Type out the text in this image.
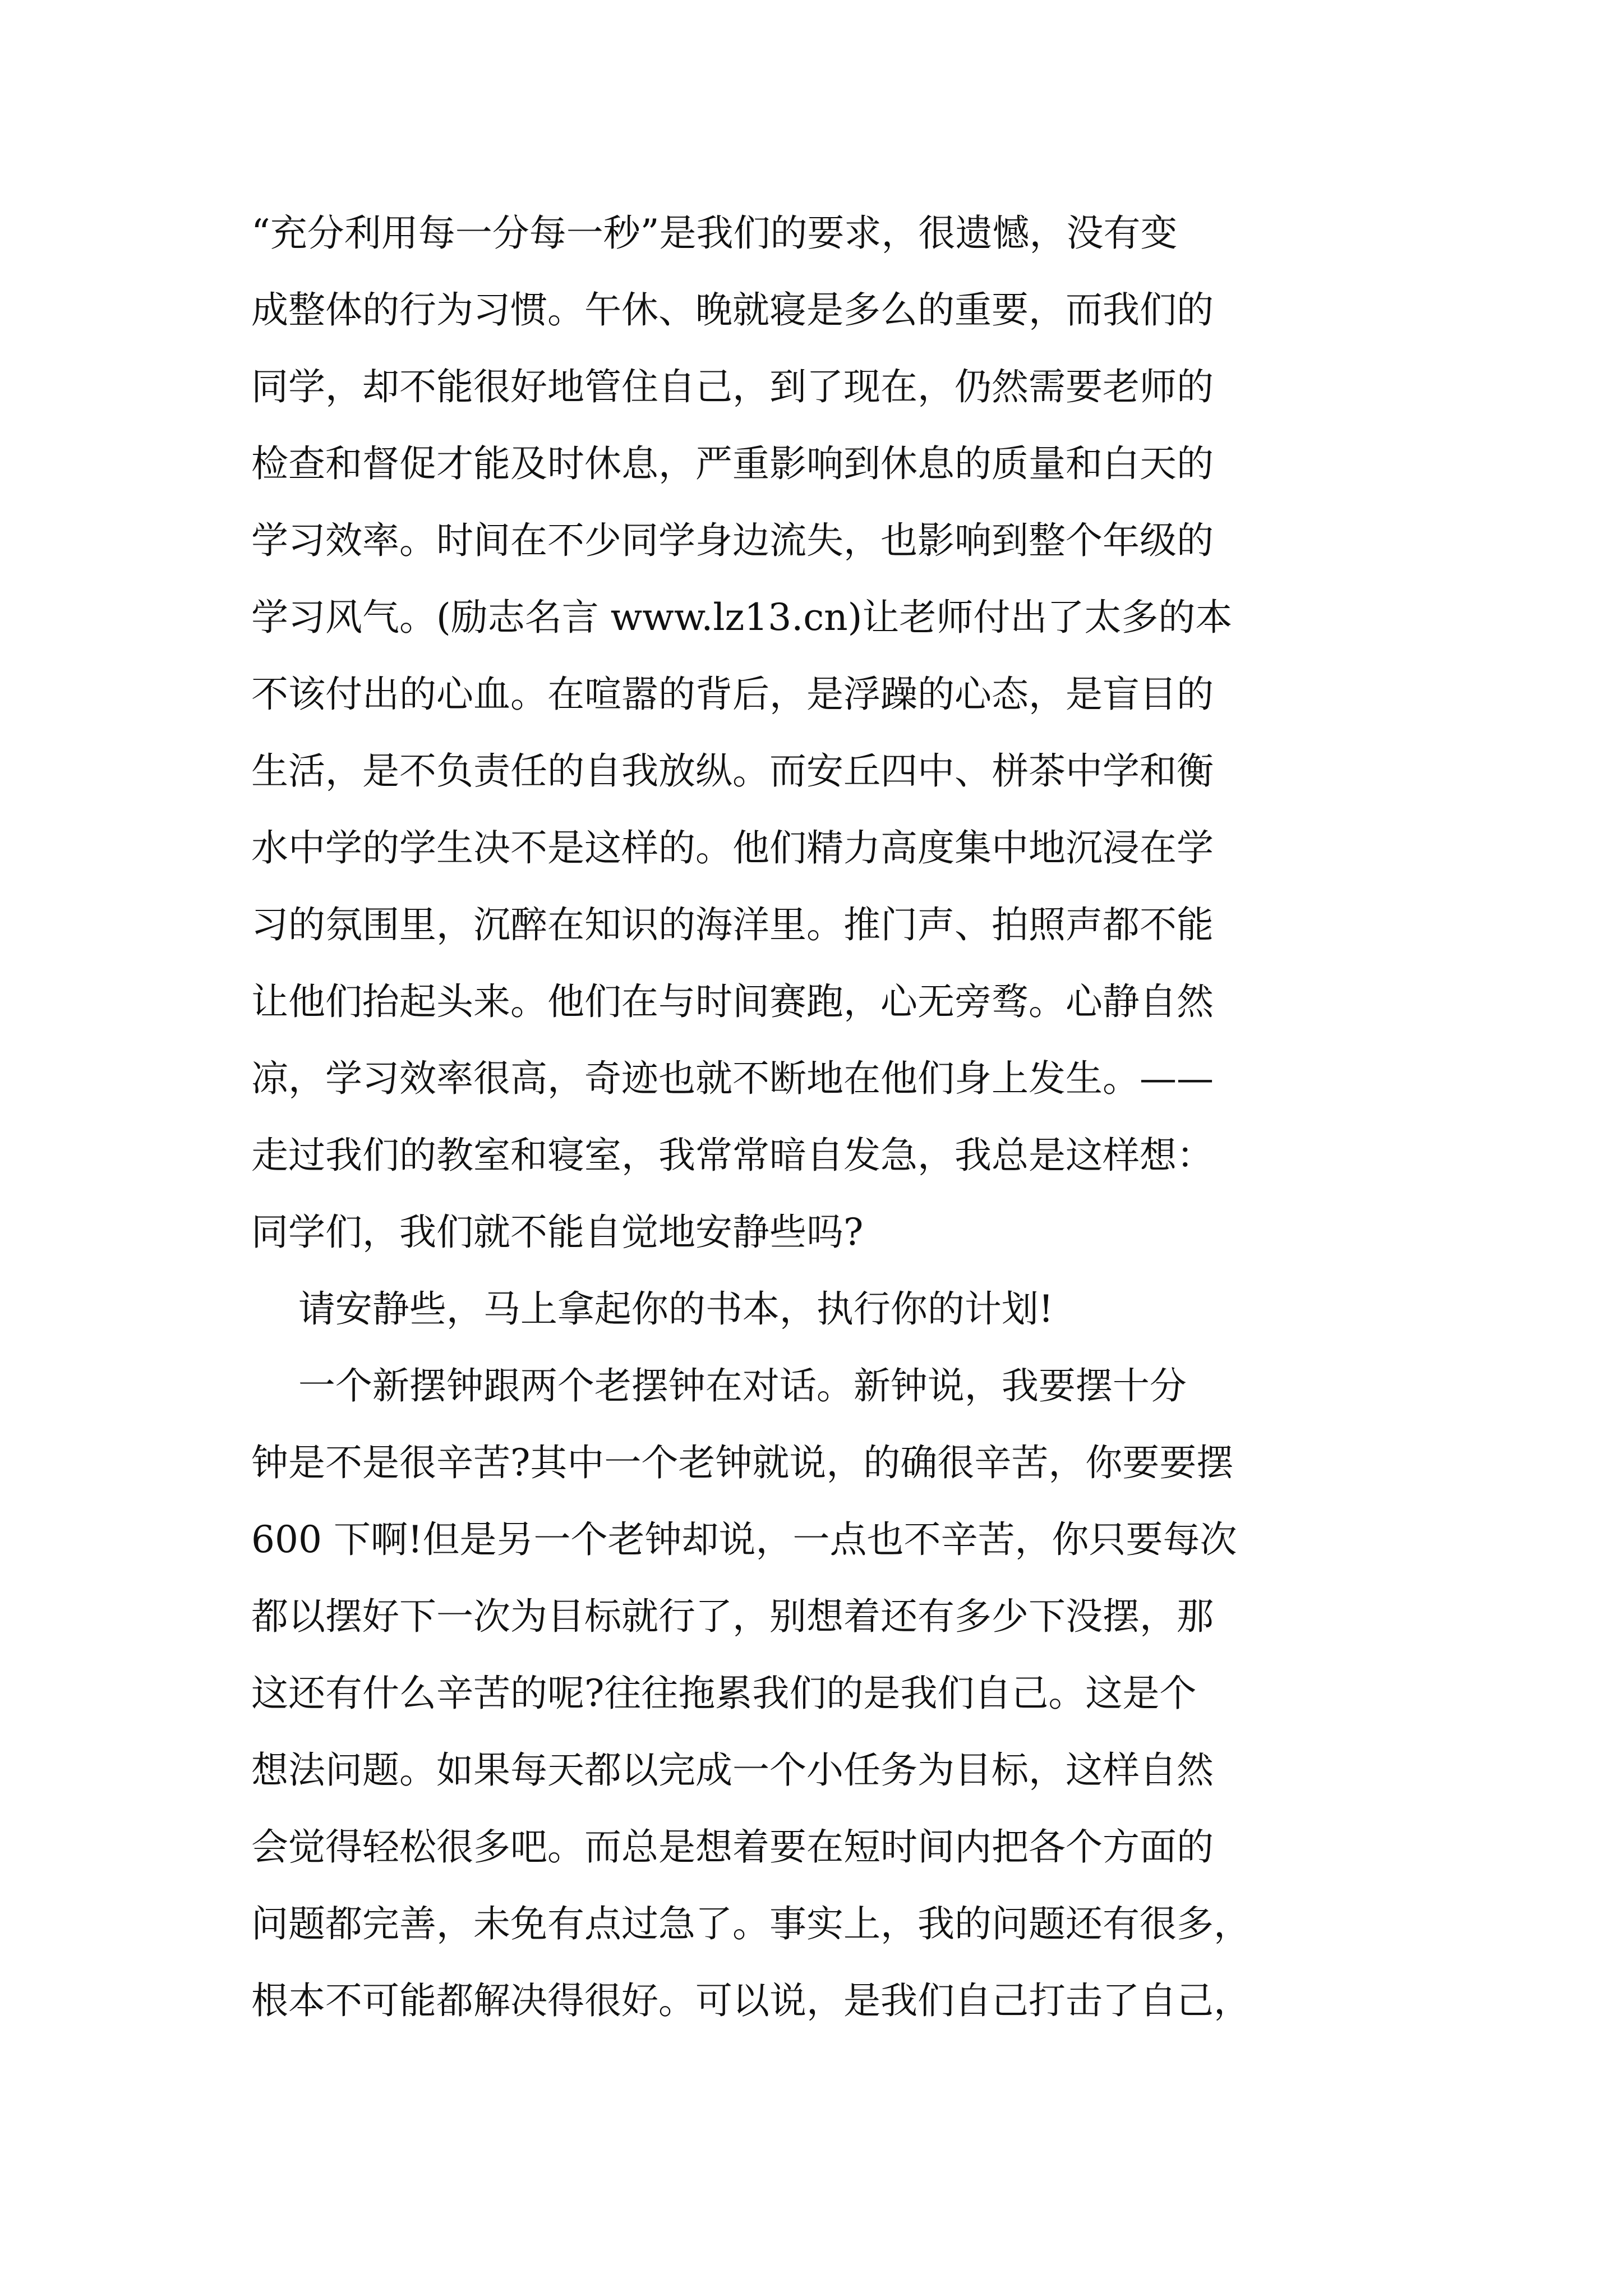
“充分利用每一分每一秒”是我们的要求，很遗憾，没有变
成整体的行为习惯。午休、晚就寝是多么的重要，而我们的
同学，却不能很好地管住自己，到了现在，仍然需要老师的
检查和督促才能及时休息，严重影响到休息的质量和白天的
学习效率。时间在不少同学身边流失，也影响到整个年级的
学习风气。(励志名言 www.lz13.cn)让老师付出了太多的本
不该付出的心血。在喧嚣的背后，是浮躁的心态，是盲目的
生活，是不负责任的自我放纵。而安丘四中、栟茶中学和衡
水中学的学生决不是这样的。他们精力高度集中地沉浸在学
习的氛围里，沉醉在知识的海洋里。推门声、拍照声都不能
让他们抬起头来。他们在与时间赛跑，心无旁骛。心静自然
凉，学习效率很高，奇迹也就不断地在他们身上发生。——
走过我们的教室和寝室，我常常暗自发急，我总是这样想：
同学们，我们就不能自觉地安静些吗?
请安静些，马上拿起你的书本，执行你的计划!
一个新摆钟跟两个老摆钟在对话。新钟说，我要摆十分
钟是不是很辛苦?其中一个老钟就说，的确很辛苦，你要要摆
600 下啊!但是另一个老钟却说，一点也不辛苦，你只要每次
都以摆好下一次为目标就行了，别想着还有多少下没摆，那
这还有什么辛苦的呢?往往拖累我们的是我们自己。这是个
想法问题。如果每天都以完成一个小任务为目标，这样自然
会觉得轻松很多吧。而总是想着要在短时间内把各个方面的
问题都完善，未免有点过急了。事实上，我的问题还有很多，
根本不可能都解决得很好。可以说，是我们自己打击了自己，
